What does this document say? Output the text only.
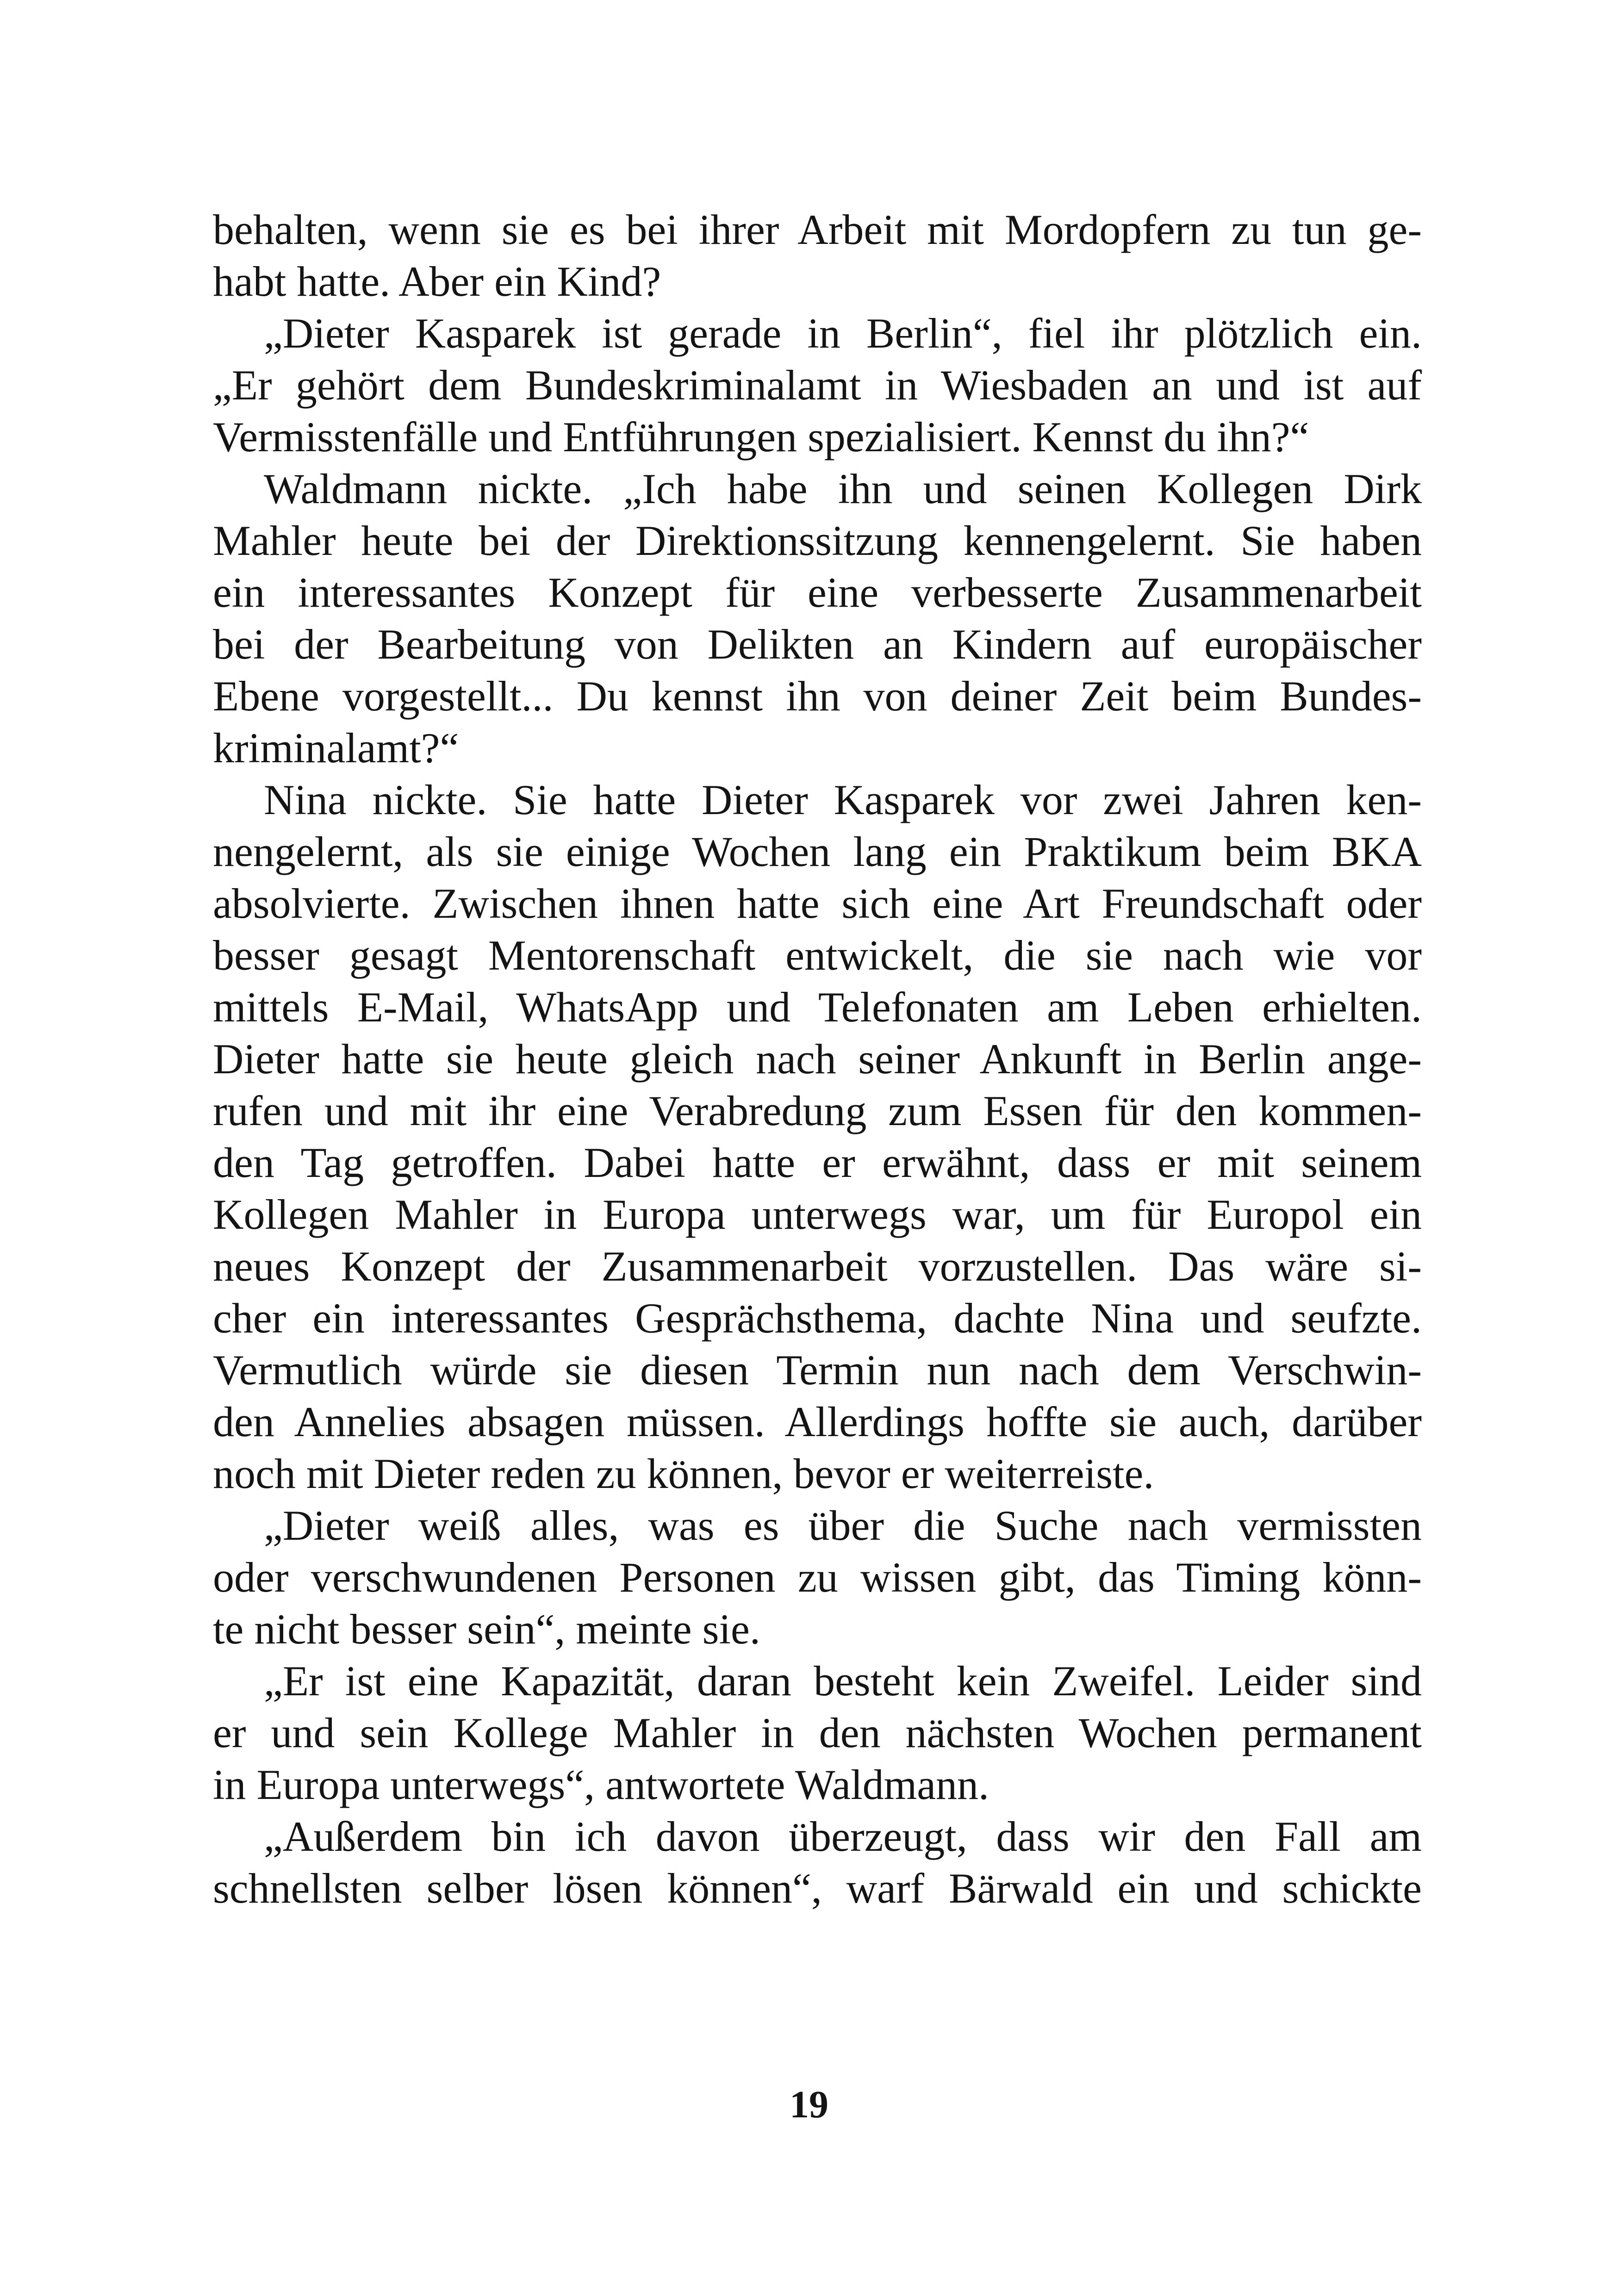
behalten, wenn sie es bei ihrer Arbeit mit Mordopfern zu tun ge-
habt hatte. Aber ein Kind?
„Dieter Kasparek ist gerade in Berlin“, fiel ihr plötzlich ein.
„Er gehört dem Bundeskriminalamt in Wiesbaden an und ist auf
Vermisstenfälle und Entführungen spezialisiert. Kennst du ihn?“
Waldmann nickte. „Ich habe ihn und seinen Kollegen Dirk
Mahler heute bei der Direktionssitzung kennengelernt. Sie haben
ein interessantes Konzept für eine verbesserte Zusammenarbeit
bei der Bearbeitung von Delikten an Kindern auf europäischer
Ebene vorgestellt... Du kennst ihn von deiner Zeit beim Bundes-
kriminalamt?“
Nina nickte. Sie hatte Dieter Kasparek vor zwei Jahren ken-
nengelernt, als sie einige Wochen lang ein Praktikum beim BKA
absolvierte. Zwischen ihnen hatte sich eine Art Freundschaft oder
besser gesagt Mentorenschaft entwickelt, die sie nach wie vor
mittels E-Mail, WhatsApp und Telefonaten am Leben erhielten.
Dieter hatte sie heute gleich nach seiner Ankunft in Berlin ange-
rufen und mit ihr eine Verabredung zum Essen für den kommen-
den Tag getroffen. Dabei hatte er erwähnt, dass er mit seinem
Kollegen Mahler in Europa unterwegs war, um für Europol ein
neues Konzept der Zusammenarbeit vorzustellen. Das wäre si-
cher ein interessantes Gesprächsthema, dachte Nina und seufzte.
Vermutlich würde sie diesen Termin nun nach dem Verschwin-
den Annelies absagen müssen. Allerdings hoffte sie auch, darüber
noch mit Dieter reden zu können, bevor er weiterreiste.
„Dieter weiß alles, was es über die Suche nach vermissten
oder verschwundenen Personen zu wissen gibt, das Timing könn-
te nicht besser sein“, meinte sie.
„Er ist eine Kapazität, daran besteht kein Zweifel. Leider sind
er und sein Kollege Mahler in den nächsten Wochen permanent
in Europa unterwegs“, antwortete Waldmann.
„Außerdem bin ich davon überzeugt, dass wir den Fall am
schnellsten selber lösen können“, warf Bärwald ein und schickte
19
